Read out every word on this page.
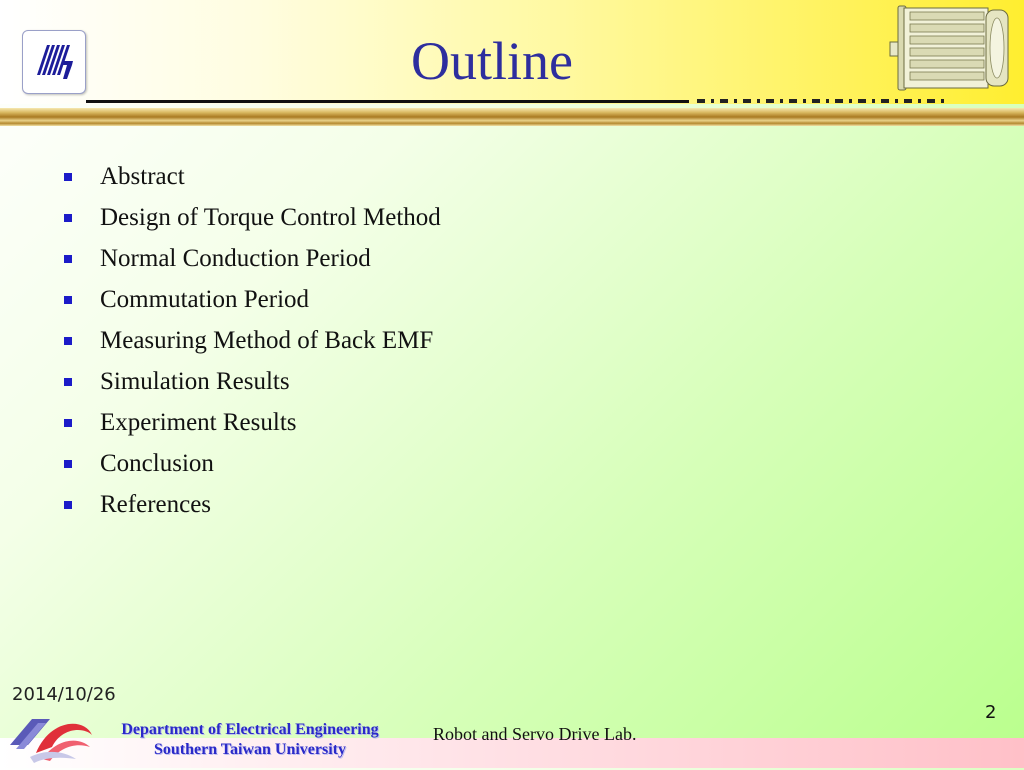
Outline
Abstract
Design of Torque Control Method
Normal Conduction Period
Commutation Period
Measuring Method of Back EMF
Simulation Results
Experiment Results
Conclusion
References
2014/10/26
2
Department of Electrical Engineering
Southern Taiwan University
Robot and Servo Drive Lab.
